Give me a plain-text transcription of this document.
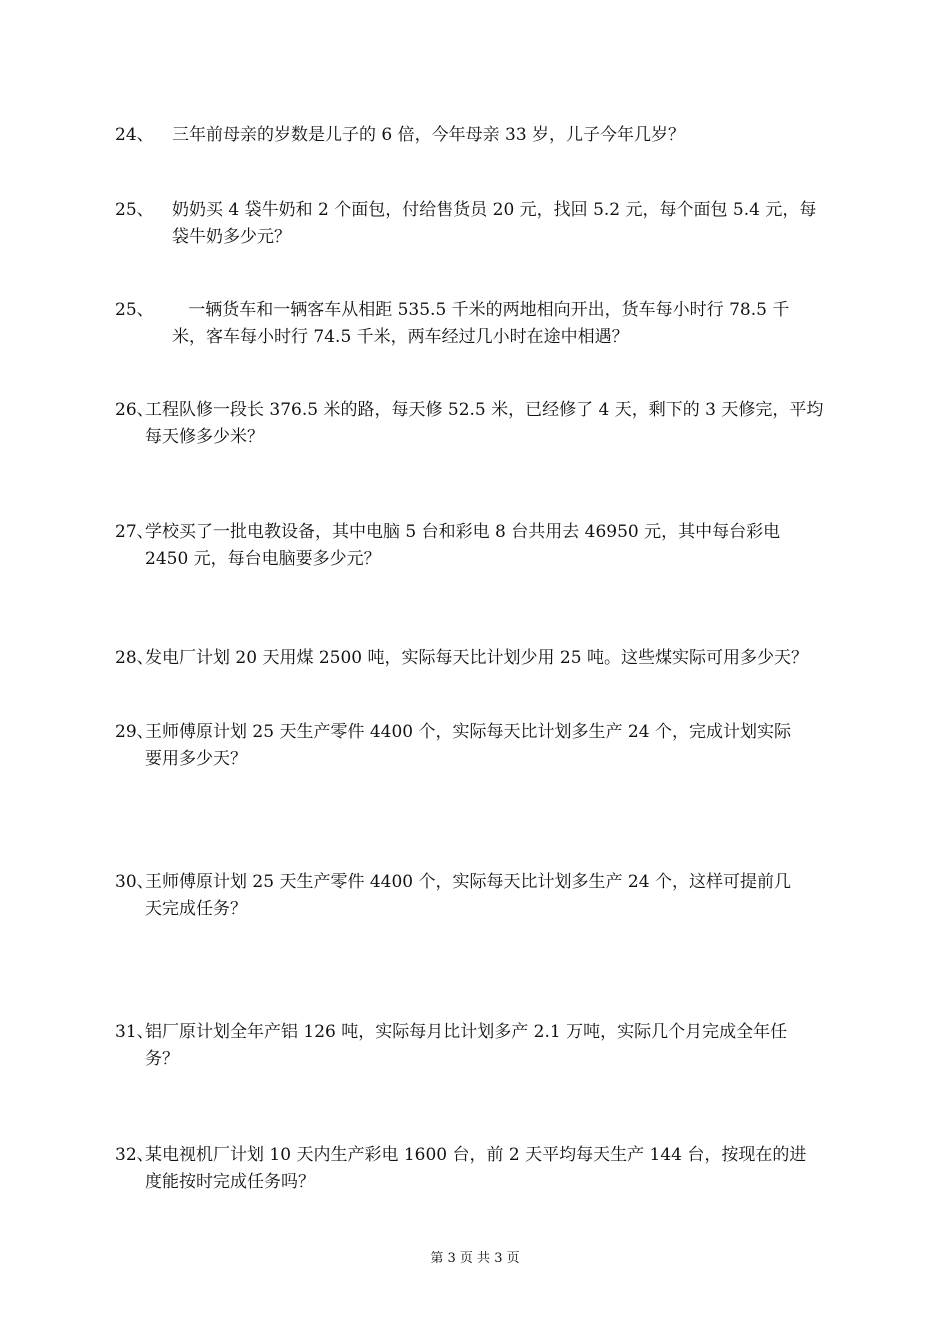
24、 三年前母亲的岁数是儿子的 6 倍，今年母亲 33 岁，儿子今年几岁？
25、 奶奶买 4 袋牛奶和 2 个面包，付给售货员 20 元，找回 5.2 元，每个面包 5.4 元，每
袋牛奶多少元？
25、 一辆货车和一辆客车从相距 535.5 千米的两地相向开出，货车每小时行 78.5 千
米，客车每小时行 74.5 千米，两车经过几小时在途中相遇？
26、
工程队修一段长 376.5 米的路，每天修 52.5 米，已经修了 4 天，剩下的 3 天修完，平均
每天修多少米？
27、
学校买了一批电教设备，其中电脑 5 台和彩电 8 台共用去 46950 元，其中每台彩电
2450 元，每台电脑要多少元？
28、
发电厂计划 20 天用煤 2500 吨，实际每天比计划少用 25 吨。这些煤实际可用多少天？
29、
王师傅原计划 25 天生产零件 4400 个，实际每天比计划多生产 24 个，完成计划实际
要用多少天？
30、
王师傅原计划 25 天生产零件 4400 个，实际每天比计划多生产 24 个，这样可提前几
天完成任务？
31、
铝厂原计划全年产铝 126 吨，实际每月比计划多产 2.1 万吨，实际几个月完成全年任
务？
32、
某电视机厂计划 10 天内生产彩电 1600 台，前 2 天平均每天生产 144 台，按现在的进
度能按时完成任务吗？
第 3 页 共 3 页
